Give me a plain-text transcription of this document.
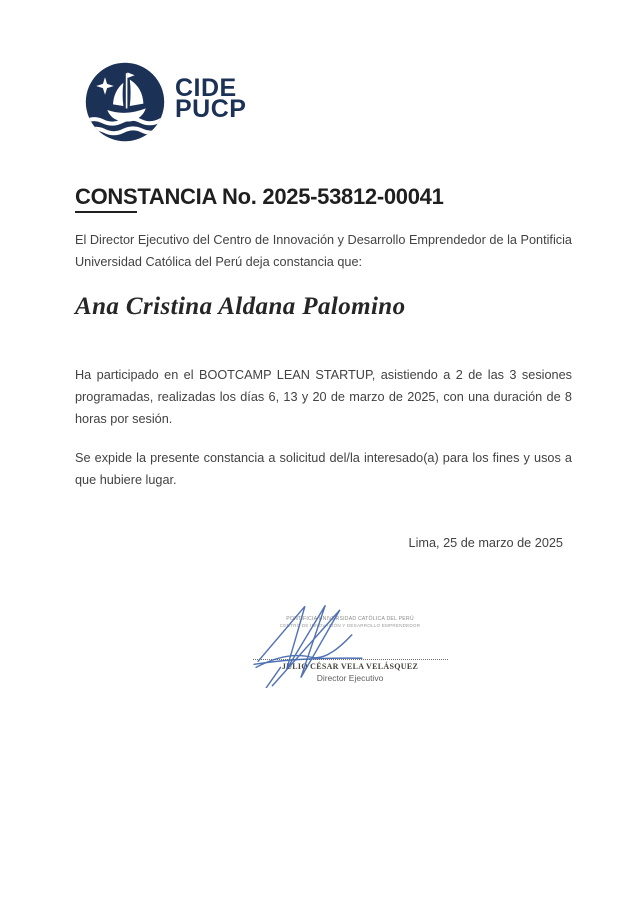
CIDE
PUCP
CONSTANCIA No. 2025-53812-00041
El Director Ejecutivo del Centro de Innovación y Desarrollo Emprendedor de la Pontificia Universidad Católica del Perú deja constancia que:
Ana Cristina Aldana Palomino
Ha participado en el BOOTCAMP LEAN STARTUP, asistiendo a 2 de las 3 sesiones programadas, realizadas los días 6, 13 y 20 de marzo de 2025, con una duración de 8 horas por sesión.
Se expide la presente constancia a solicitud del/la interesado(a) para los fines y usos a que hubiere lugar.
Lima, 25 de marzo de 2025
PONTIFICIA UNIVERSIDAD CATÓLICA DEL PERÚ
CENTRO DE INNOVACIÓN Y DESARROLLO EMPRENDEDOR
JULIO CÉSAR VELA VELÁSQUEZ
Director Ejecutivo
